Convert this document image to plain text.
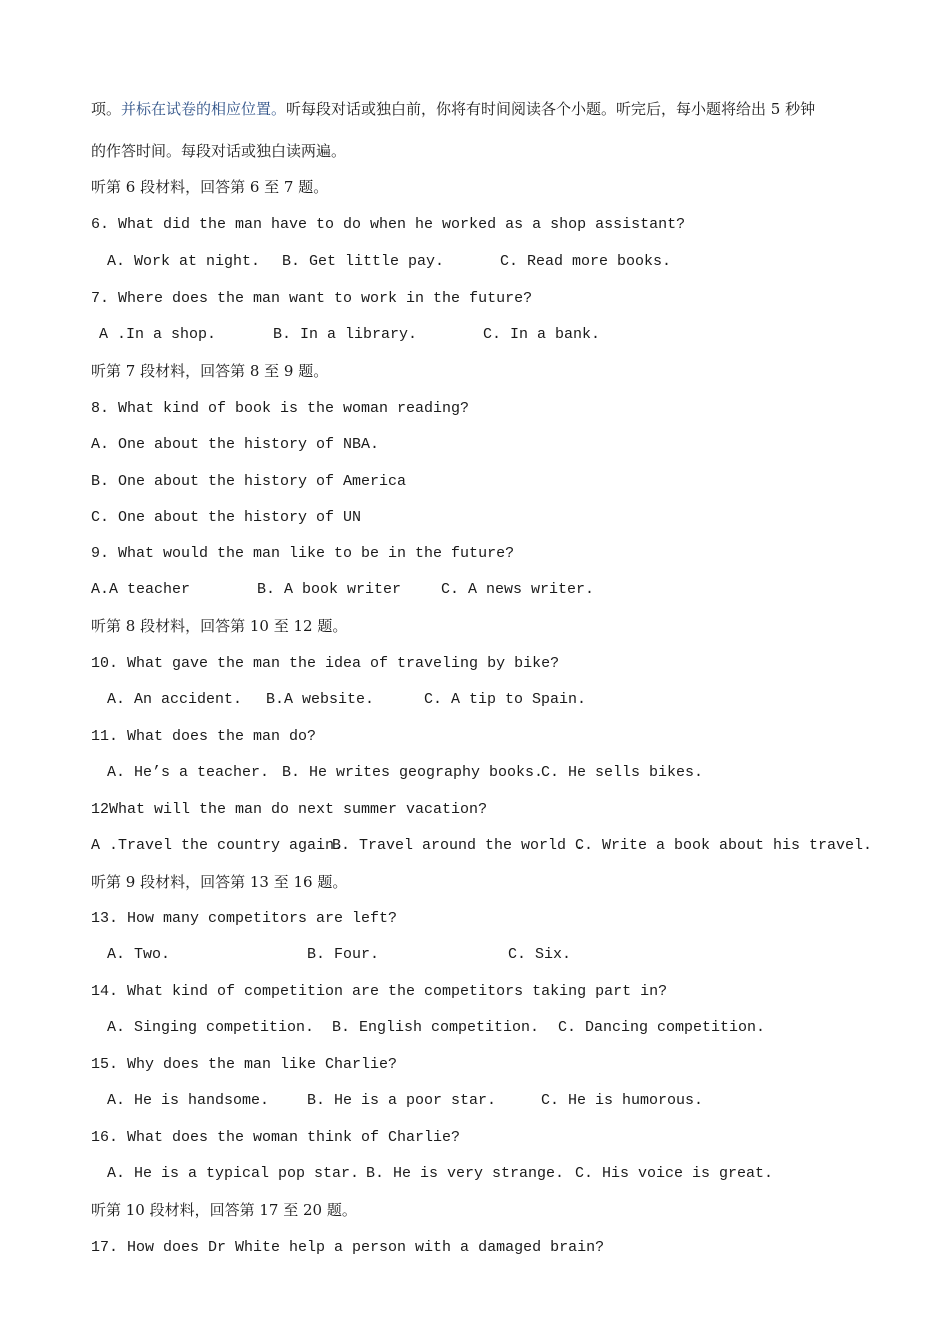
项。并标在试卷的相应位置。听每段对话或独白前，你将有时间阅读各个小题。听完后，每小题将给出 5 秒钟
的作答时间。每段对话或独白读两遍。
听第 6 段材料，回答第 6 至 7 题。
6. What did the man have to do when he worked as a shop assistant?

A. Work at night.

B. Get little pay.

	C. Read more books.

7. Where does the man want to work in the future?

A .In a shop.

	B. In a library.

	C. In a bank.

听第 7 段材料，回答第 8 至 9 题。
8. What kind of book is the woman reading?
A. One about the history of NBA.
B. One about the history of America
C. One about the history of UN
9. What would the man like to be in the future?

A.A teacher

	B. A book writer

	C. A news writer.

听第 8 段材料，回答第 10 至 12 题。
10. What gave the man the idea of traveling by bike?

A. An accident.

B.A website.

	C. A tip to Spain.

11. What does the man do?

A. He’s a teacher.

B. He writes geography books.

C. He sells bikes.

12What will the man do next summer vacation?

A .Travel the country again.

B. Travel around the world .

C. Write a book about his travel.

听第 9 段材料，回答第 13 至 16 题。
13. How many competitors are left?

A. Two.

	B. Four.

	C. Six.

14. What kind of competition are the competitors taking part in?

A. Singing competition.

B. English competition.

C. Dancing competition.

15. Why does the man like Charlie?

A. He is handsome.

	B. He is a poor star.

	C. He is humorous.

16. What does the woman think of Charlie?

A. He is a typical pop star.

B. He is very strange.

C. His voice is great.

听第 10 段材料，回答第 17 至 20 题。
17. How does Dr White help a person with a damaged brain?
